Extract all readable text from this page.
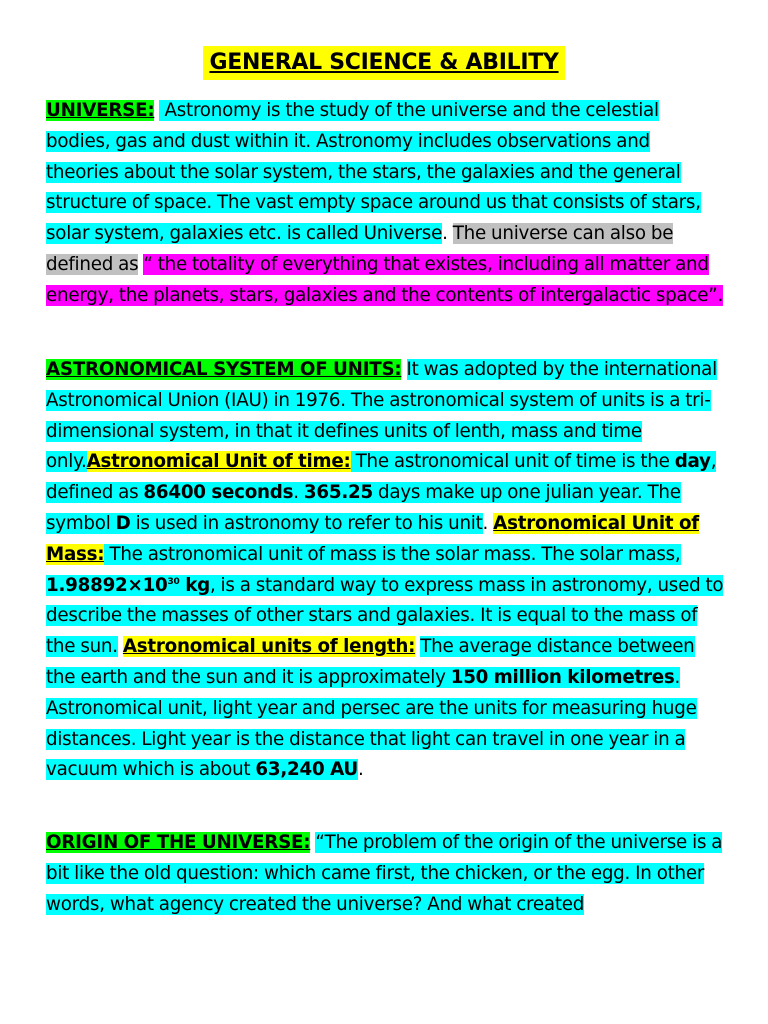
GENERAL SCIENCE & ABILITY
UNIVERSE: Astronomy is the study of the universe and the celestial bodies, gas and dust within it. Astronomy includes observations and theories about the solar system, the stars, the galaxies and the general structure of space. The vast empty space around us that consists of stars, solar system, galaxies etc. is called Universe. The universe can also be defined as “ the totality of everything that existes, including all matter and energy, the planets, stars, galaxies and the contents of intergalactic space”.
ASTRONOMICAL SYSTEM OF UNITS: It was adopted by the international Astronomical Union (IAU) in 1976. The astronomical system of units is a tri-dimensional system, in that it defines units of lenth, mass and time only.Astronomical Unit of time: The astronomical unit of time is the day, defined as 86400 seconds. 365.25 days make up one julian year. The symbol D is used in astronomy to refer to his unit. Astronomical Unit of Mass: The astronomical unit of mass is the solar mass. The solar mass, $1.98892\times 10^{30}$ kg, is a standard way to express mass in astronomy, used to describe the masses of other stars and galaxies. It is equal to the mass of the sun. Astronomical units of length: The average distance between the earth and the sun and it is approximately 150 million kilometres. Astronomical unit, light year and persec are the units for measuring huge distances. Light year is the distance that light can travel in one year in a vacuum which is about 63,240 AU.
ORIGIN OF THE UNIVERSE: “The problem of the origin of the universe is a bit like the old question: which came first, the chicken, or the egg. In other words, what agency created the universe? And what created
